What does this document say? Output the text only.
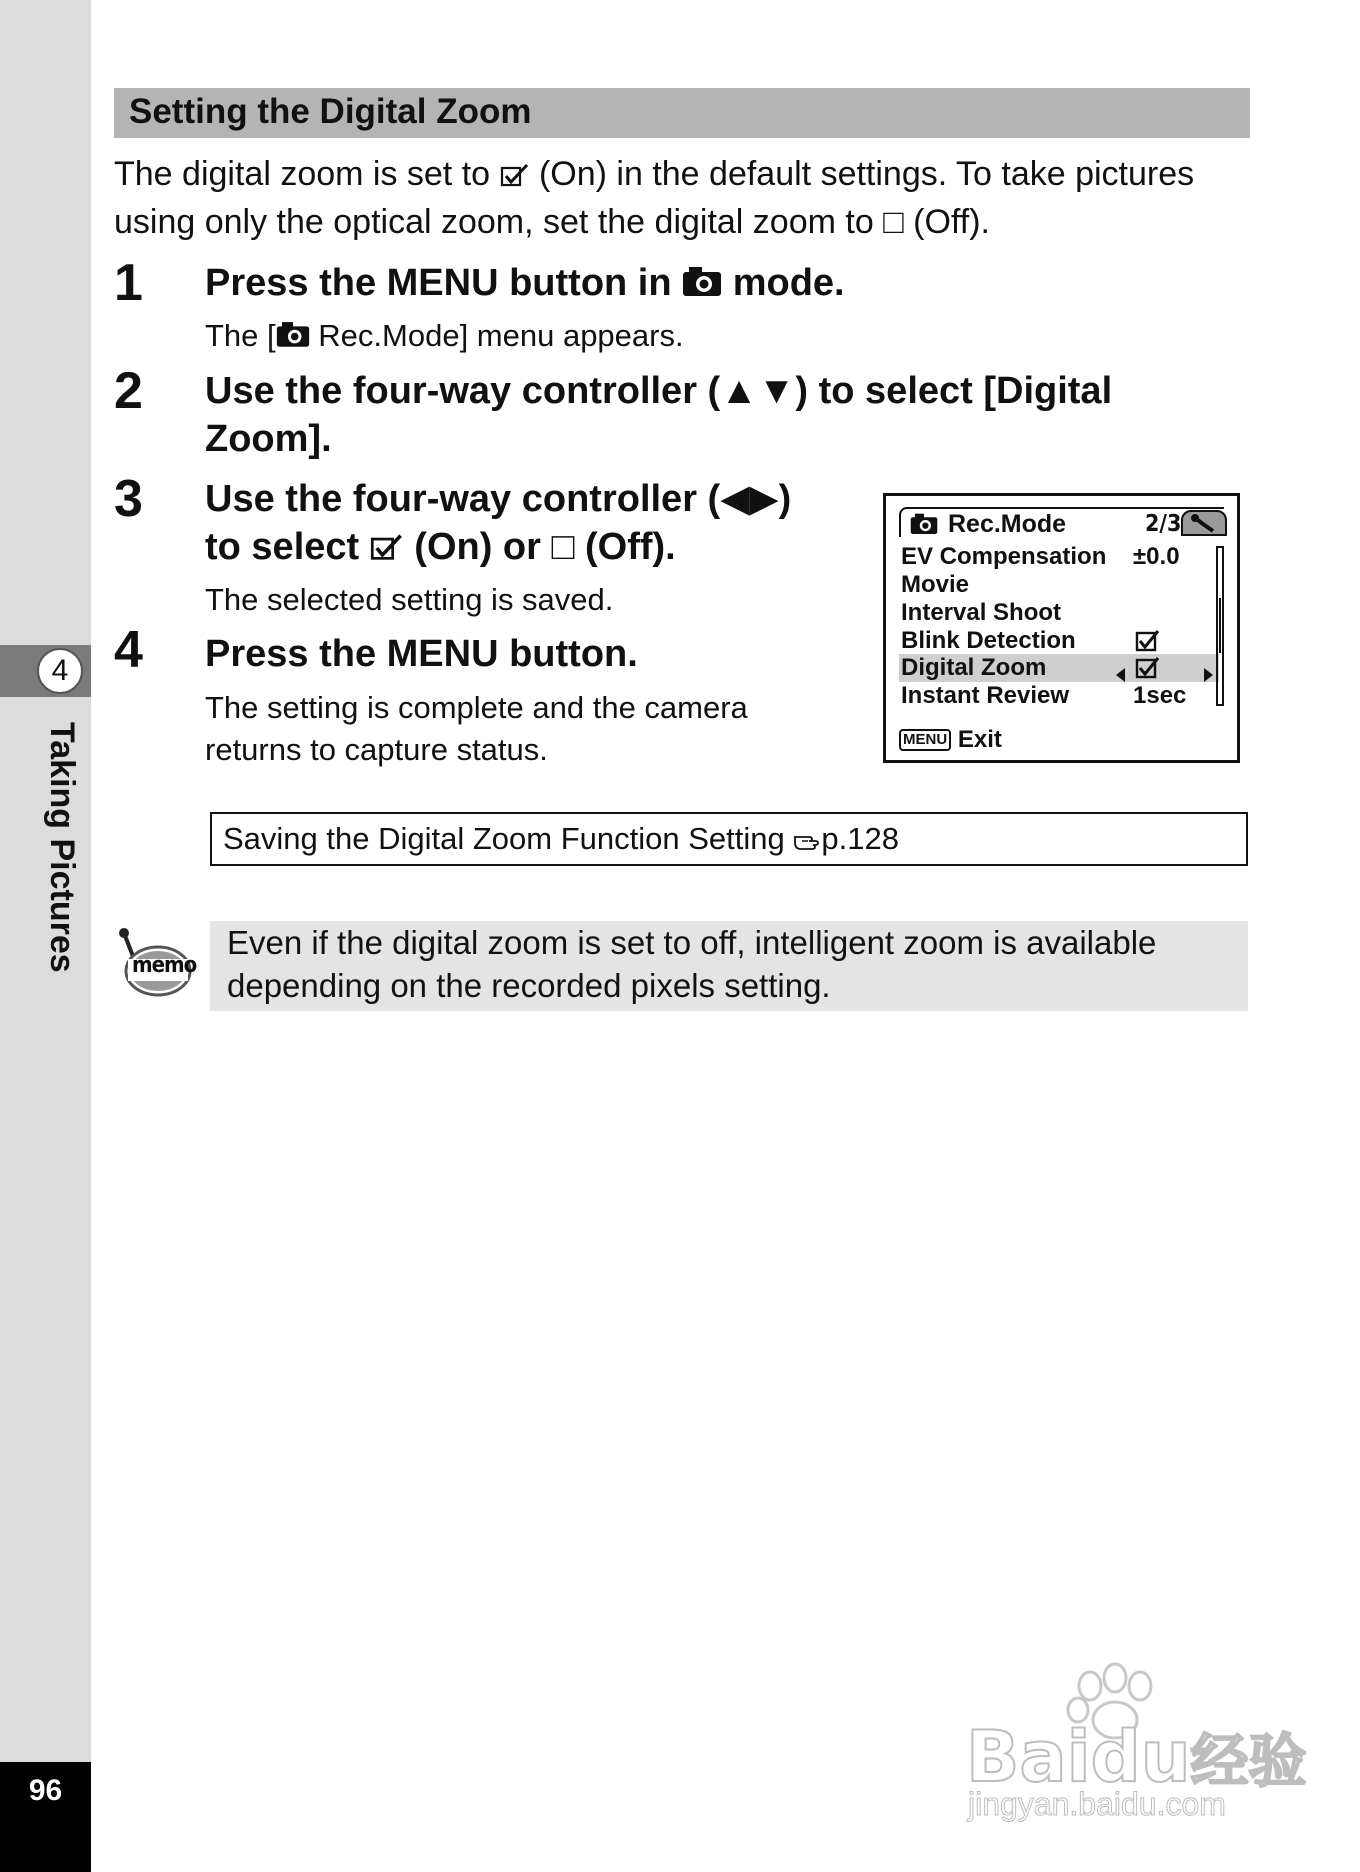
4
Taking Pictures
96
Setting the Digital Zoom
The digital zoom is set to (On) in the default settings. To take pictures using only the optical zoom, set the digital zoom to □ (Off).
1 Press the MENU button in mode.
The [ Rec.Mode] menu appears.
2 Use the four-way controller (▲▼) to select [Digital
Zoom].
3 Use the four-way controller (◀▶)
to select (On) or □ (Off).
The selected setting is saved.
4 Press the MENU button.
The setting is complete and the camera
returns to capture status.
Rec.Mode	2/3
EV Compensation ±0.0
Movie
Interval Shoot
Blink Detection
Digital Zoom
Instant Review	1sec
MENU Exit
Saving the Digital Zoom Function Setting p.128
memo
Even if the digital zoom is set to off, intelligent zoom is available depending on the recorded pixels setting.
Baidu经验
jingyan.baidu.com
